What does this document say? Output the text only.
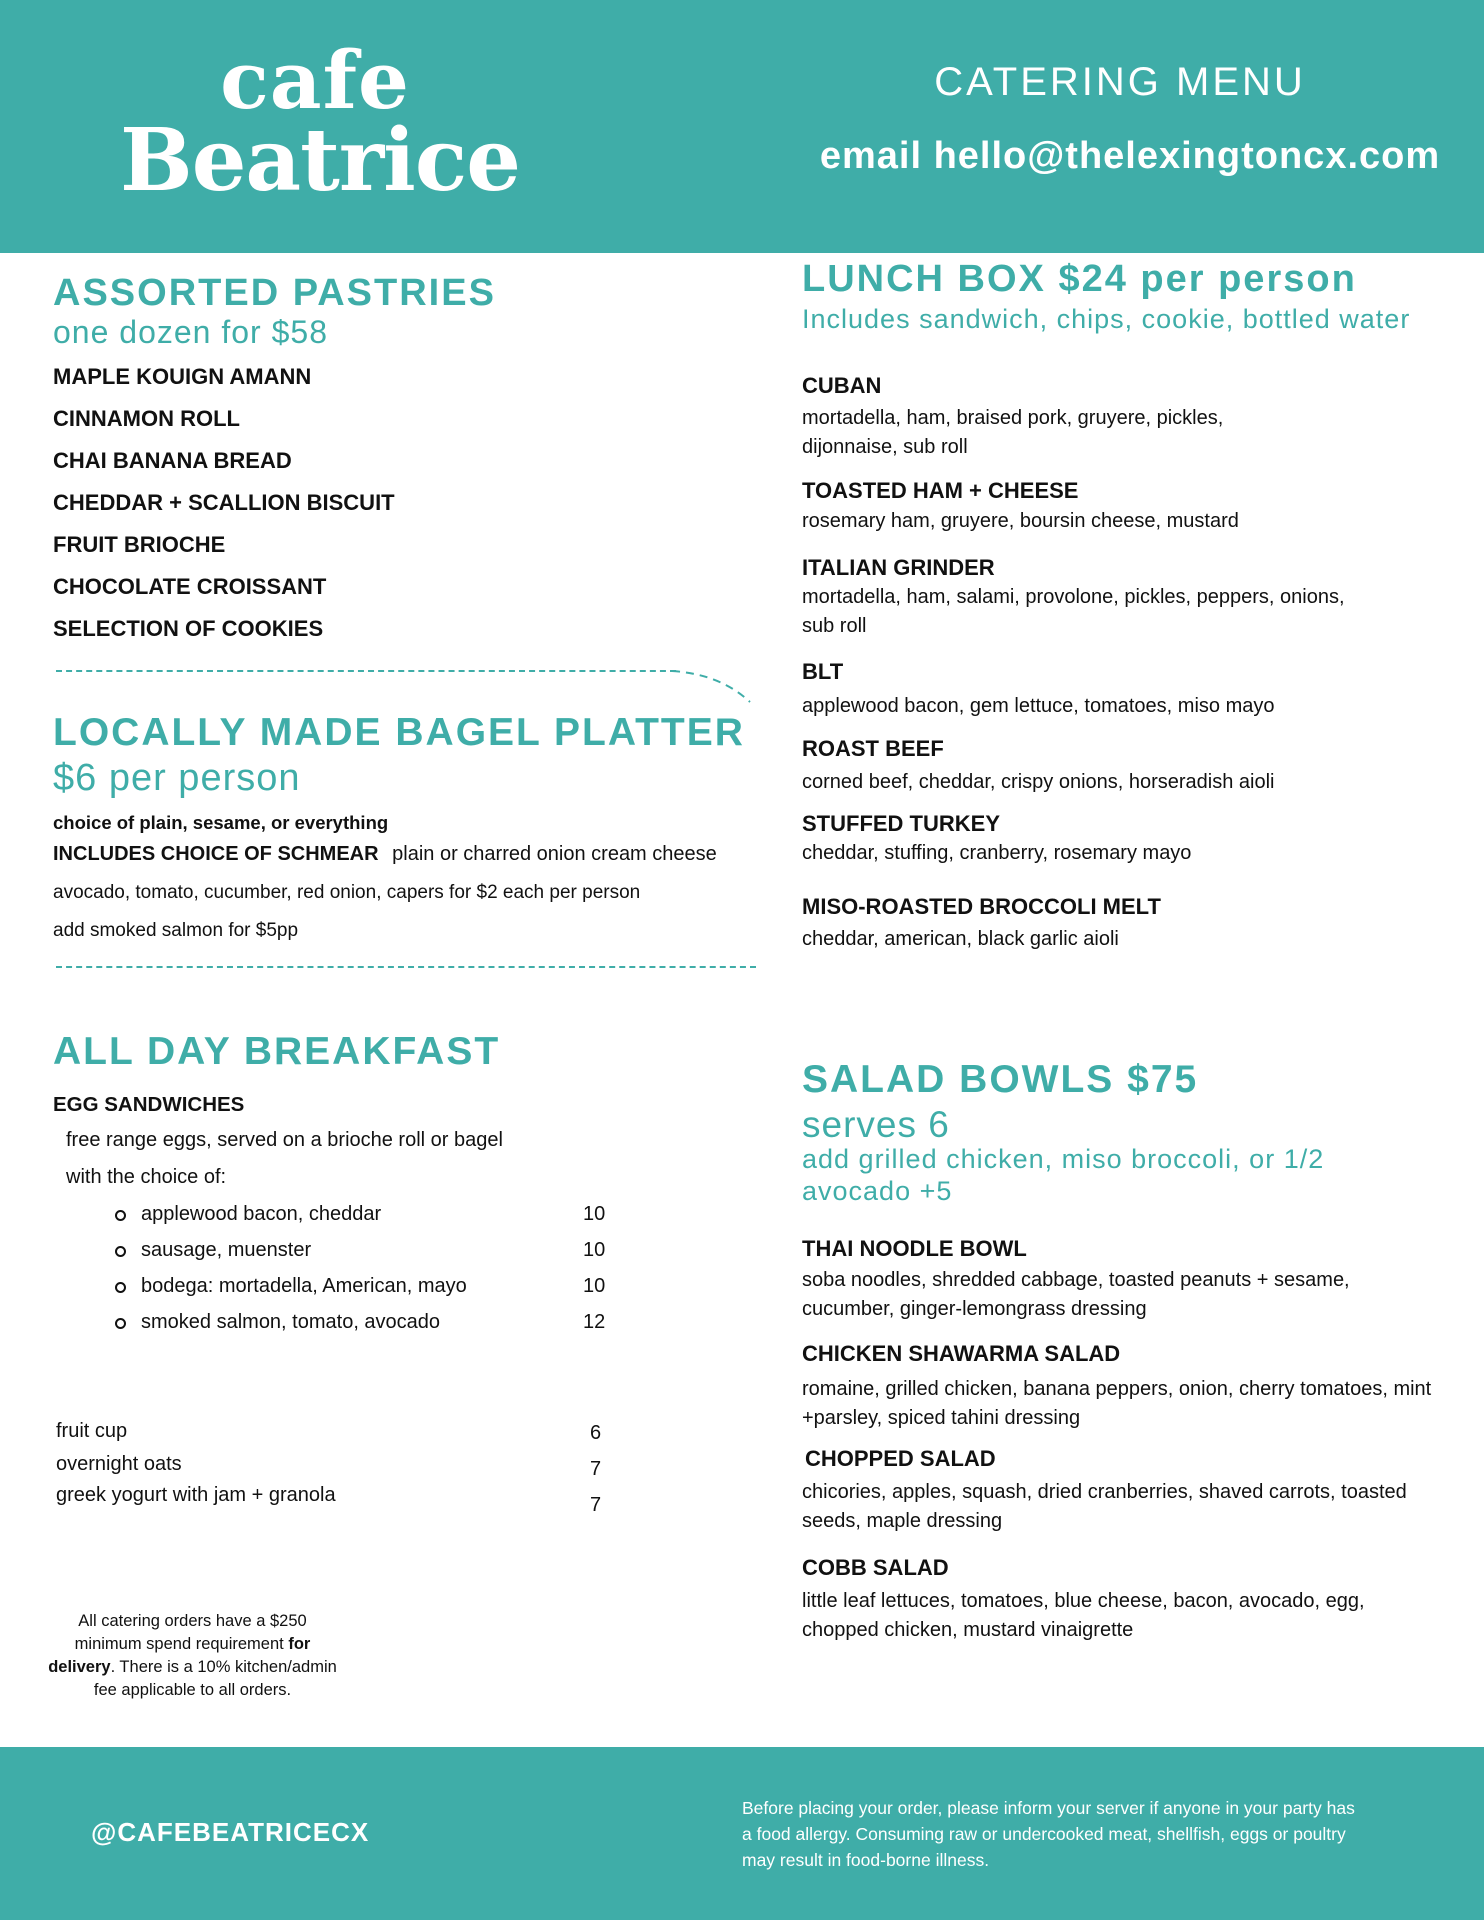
cafe
Beatrice
CATERING MENU
email hello@thelexingtoncx.com
ASSORTED PASTRIES
one dozen for $58
MAPLE KOUIGN AMANN
CINNAMON ROLL
CHAI BANANA BREAD
CHEDDAR + SCALLION BISCUIT
FRUIT BRIOCHE
CHOCOLATE CROISSANT
SELECTION OF COOKIES
LOCALLY MADE BAGEL PLATTER
$6 per person
choice of plain, sesame, or everything
INCLUDES CHOICE OF SCHMEAR plain or charred onion cream cheese
avocado, tomato, cucumber, red onion, capers for $2 each per person
add smoked salmon for $5pp
ALL DAY BREAKFAST
EGG SANDWICHES
free range eggs, served on a brioche roll or bagel
with the choice of:
applewood bacon, cheddar	10
sausage, muenster	10
bodega: mortadella, American, mayo	10
smoked salmon, tomato, avocado	12
fruit cup	6
overnight oats	7
greek yogurt with jam + granola	7
All catering orders have a $250 minimum spend requirement for delivery. There is a 10% kitchen/admin fee applicable to all orders.
LUNCH BOX $24 per person
Includes sandwich, chips, cookie, bottled water
CUBAN
mortadella, ham, braised pork, gruyere, pickles, dijonnaise, sub roll
TOASTED HAM + CHEESE
rosemary ham, gruyere, boursin cheese, mustard
ITALIAN GRINDER
mortadella, ham, salami, provolone, pickles, peppers, onions, sub roll
BLT
applewood bacon, gem lettuce, tomatoes, miso mayo
ROAST BEEF
corned beef, cheddar, crispy onions, horseradish aioli
STUFFED TURKEY
cheddar, stuffing, cranberry, rosemary mayo
MISO-ROASTED BROCCOLI MELT
cheddar, american, black garlic aioli
SALAD BOWLS $75
serves 6
add grilled chicken, miso broccoli, or 1/2 avocado +5
THAI NOODLE BOWL
soba noodles, shredded cabbage, toasted peanuts + sesame, cucumber, ginger-lemongrass dressing
CHICKEN SHAWARMA SALAD
romaine, grilled chicken, banana peppers, onion, cherry tomatoes, mint +parsley, spiced tahini dressing
CHOPPED SALAD
chicories, apples, squash, dried cranberries, shaved carrots, toasted seeds, maple dressing
COBB SALAD
little leaf lettuces, tomatoes, blue cheese, bacon, avocado, egg, chopped chicken, mustard vinaigrette
@CAFEBEATRICECX
Before placing your order, please inform your server if anyone in your party has a food allergy. Consuming raw or undercooked meat, shellfish, eggs or poultry may result in food-borne illness.
